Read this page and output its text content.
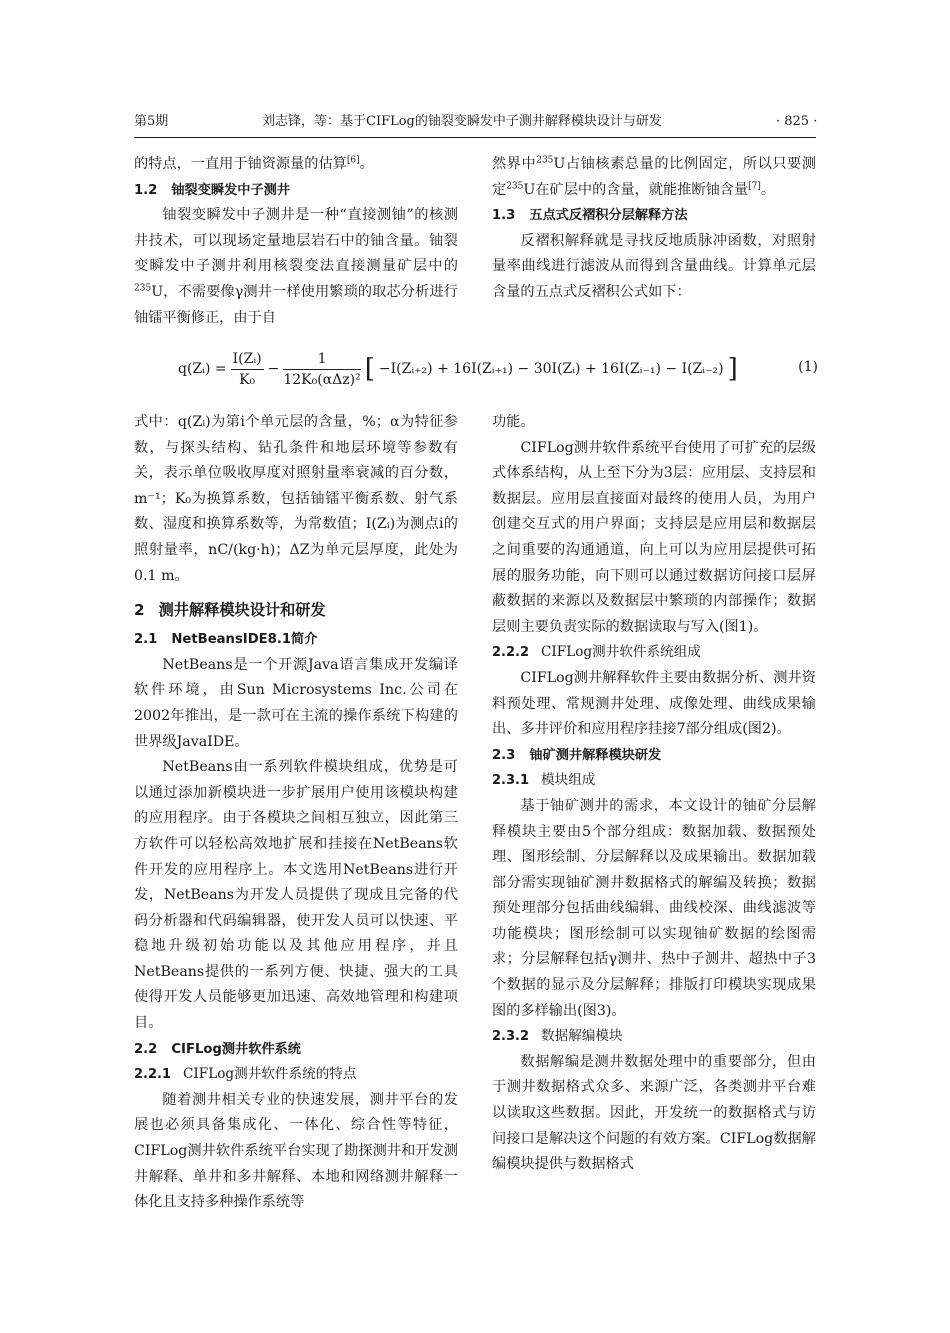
第5期	刘志锋，等：基于CIFLog的铀裂变瞬发中子测井解释模块设计与研发	· 825 ·

的特点，一直用于铀资源量的估算[6]。

1.2 铀裂变瞬发中子测井

铀裂变瞬发中子测井是一种“直接测铀”的核测井技术，可以现场定量地层岩石中的铀含量。铀裂变瞬发中子测井利用核裂变法直接测量矿层中的$^{235}$U，不需要像γ测井一样使用繁琐的取芯分析进行铀镭平衡修正，由于自

然界中$^{235}$U占铀核素总量的比例固定，所以只要测定$^{235}$U在矿层中的含量，就能推断铀含量[7]。

1.3 五点式反褶积分层解释方法

反褶积解释就是寻找反地质脉冲函数，对照射量率曲线进行滤波从而得到含量曲线。计算单元层含量的五点式反褶积公式如下：

q(Zᵢ) = $\frac{\text{I(Zᵢ)}}{\text{K₀}} - \frac{1}{\text{12K₀(αΔz)²}}$ [ −I(Zᵢ₊₂) + 16I(Zᵢ₊₁) − 30I(Zᵢ) + 16I(Zᵢ₋₁) − I(Zᵢ₋₂) ]	(1)

式中：q(Zᵢ)为第i个单元层的含量，%；α为特征参数，与探头结构、钻孔条件和地层环境等参数有关，表示单位吸收厚度对照射量率衰减的百分数，m⁻¹；K₀为换算系数，包括铀镭平衡系数、射气系数、湿度和换算系数等，为常数值；I(Zᵢ)为测点i的照射量率，nC/(kg·h)；ΔZ为单元层厚度，此处为0.1 m。

2 测井解释模块设计和研发
2.1 NetBeansIDE8.1简介

NetBeans是一个开源Java语言集成开发编译软件环境，由Sun Microsystems Inc.公司在2002年推出，是一款可在主流的操作系统下构建的世界级JavaIDE。

NetBeans由一系列软件模块组成，优势是可以通过添加新模块进一步扩展用户使用该模块构建的应用程序。由于各模块之间相互独立，因此第三方软件可以轻松高效地扩展和挂接在NetBeans软件开发的应用程序上。本文选用NetBeans进行开发，NetBeans为开发人员提供了现成且完备的代码分析器和代码编辑器，使开发人员可以快速、平稳地升级初始功能以及其他应用程序，并且NetBeans提供的一系列方便、快捷、强大的工具使得开发人员能够更加迅速、高效地管理和构建项目。

2.2 CIFLog测井软件系统
2.2.1 CIFLog测井软件系统的特点

随着测井相关专业的快速发展，测井平台的发展也必须具备集成化、一体化、综合性等特征，CIFLog测井软件系统平台实现了勘探测井和开发测井解释、单井和多井解释、本地和网络测井解释一体化且支持多种操作系统等

功能。

CIFLog测井软件系统平台使用了可扩充的层级式体系结构，从上至下分为3层：应用层、支持层和数据层。应用层直接面对最终的使用人员，为用户创建交互式的用户界面；支持层是应用层和数据层之间重要的沟通通道，向上可以为应用层提供可拓展的服务功能，向下则可以通过数据访问接口层屏蔽数据的来源以及数据层中繁琐的内部操作；数据层则主要负责实际的数据读取与写入(图1)。

2.2.2 CIFLog测井软件系统组成

CIFLog测井解释软件主要由数据分析、测井资料预处理、常规测井处理、成像处理、曲线成果输出、多井评价和应用程序挂接7部分组成(图2)。

2.3 铀矿测井解释模块研发
2.3.1 模块组成

基于铀矿测井的需求，本文设计的铀矿分层解释模块主要由5个部分组成：数据加载、数据预处理、图形绘制、分层解释以及成果输出。数据加载部分需实现铀矿测井数据格式的解编及转换；数据预处理部分包括曲线编辑、曲线校深、曲线滤波等功能模块；图形绘制可以实现铀矿数据的绘图需求；分层解释包括γ测井、热中子测井、超热中子3个数据的显示及分层解释；排版打印模块实现成果图的多样输出(图3)。

2.3.2 数据解编模块

数据解编是测井数据处理中的重要部分，但由于测井数据格式众多、来源广泛，各类测井平台难以读取这些数据。因此，开发统一的数据格式与访问接口是解决这个问题的有效方案。CIFLog数据解编模块提供与数据格式
